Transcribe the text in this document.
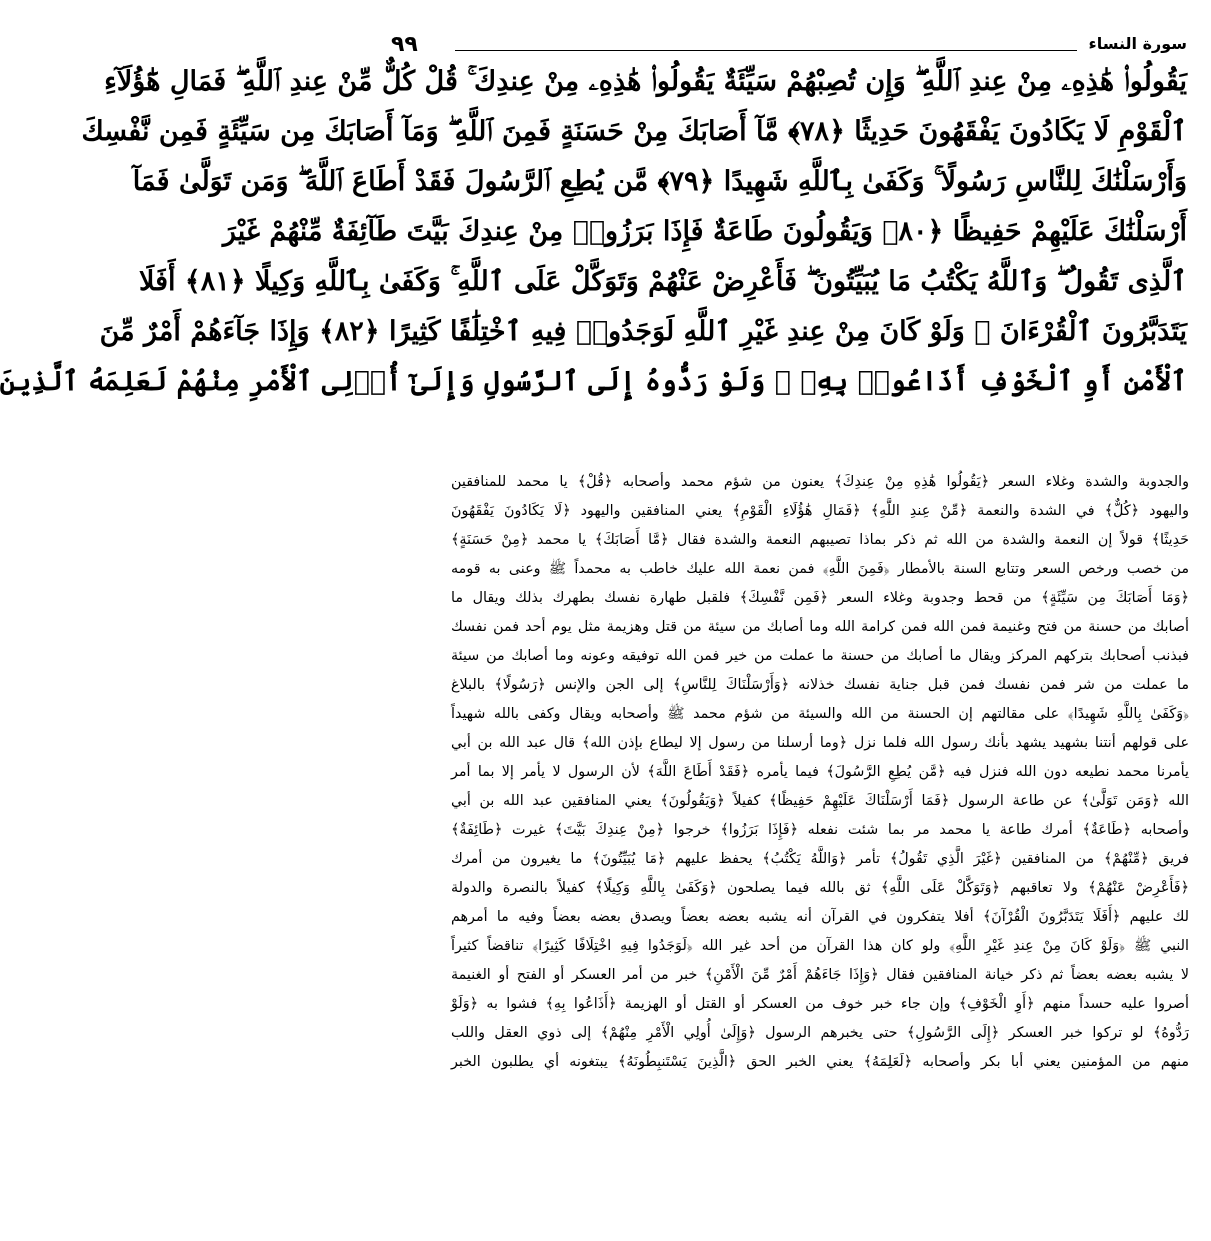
٩٩	سورة النساء
يَقُولُوا۟ هَٰذِهِۦ مِنْ عِندِ ٱللَّهِ ۖ وَإِن تُصِبْهُمْ سَيِّئَةٌ يَقُولُوا۟ هَٰذِهِۦ مِنْ عِندِكَ ۚ قُلْ كُلٌّ مِّنْ عِندِ ٱللَّهِ ۖ فَمَالِ هَٰٓؤُلَآءِ
ٱلْقَوْمِ لَا يَكَادُونَ يَفْقَهُونَ حَدِيثًا ﴿٧٨﴾ مَّآ أَصَابَكَ مِنْ حَسَنَةٍ فَمِنَ ٱللَّهِ ۖ وَمَآ أَصَابَكَ مِن سَيِّئَةٍ فَمِن نَّفْسِكَ
وَأَرْسَلْنَٰكَ لِلنَّاسِ رَسُولًا ۚ وَكَفَىٰ بِٱللَّهِ شَهِيدًا ﴿٧٩﴾ مَّن يُطِعِ ٱلرَّسُولَ فَقَدْ أَطَاعَ ٱللَّهَ ۖ وَمَن تَوَلَّىٰ فَمَآ
أَرْسَلْنَٰكَ عَلَيْهِمْ حَفِيظًا ﴿٨٠﴾ وَيَقُولُونَ طَاعَةٌ فَإِذَا بَرَزُوا۟ مِنْ عِندِكَ بَيَّتَ طَآئِفَةٌ مِّنْهُمْ غَيْرَ
ٱلَّذِى تَقُولُ ۖ وَٱللَّهُ يَكْتُبُ مَا يُبَيِّتُونَ ۖ فَأَعْرِضْ عَنْهُمْ وَتَوَكَّلْ عَلَى ٱللَّهِ ۚ وَكَفَىٰ بِٱللَّهِ وَكِيلًا ﴿٨١﴾ أَفَلَا
يَتَدَبَّرُونَ ٱلْقُرْءَانَ ۚ وَلَوْ كَانَ مِنْ عِندِ غَيْرِ ٱللَّهِ لَوَجَدُوا۟ فِيهِ ٱخْتِلَٰفًا كَثِيرًا ﴿٨٢﴾ وَإِذَا جَآءَهُمْ أَمْرٌ مِّنَ
ٱلْأَمْنِ أَوِ ٱلْخَوْفِ أَذَاعُوا۟ بِهِۦ ۖ وَلَوْ رَدُّوهُ إِلَى ٱلرَّسُولِ وَإِلَىٰٓ أُو۟لِى ٱلْأَمْرِ مِنْهُمْ لَعَلِمَهُ ٱلَّذِينَ
والجدوبة والشدة وغلاء السعر ﴿يَقُولُوا هَٰذِهِ مِنْ عِندِكَ﴾ يعنون من شؤم محمد وأصحابه ﴿قُلْ﴾ يا محمد للمنافقين
واليهود ﴿كُلٌّ﴾ في الشدة والنعمة ﴿مِّنْ عِندِ اللَّهِ﴾ ﴿فَمَالِ هَٰؤُلَاءِ الْقَوْمِ﴾ يعني المنافقين واليهود ﴿لَا يَكَادُونَ يَفْقَهُونَ
حَدِيثًا﴾ قولاً إن النعمة والشدة من الله ثم ذكر بماذا تصيبهم النعمة والشدة فقال ﴿مَّا أَصَابَكَ﴾ يا محمد ﴿مِنْ حَسَنَةٍ﴾
من خصب ورخص السعر وتتابع السنة بالأمطار ﴿فَمِنَ اللَّهِ﴾ فمن نعمة الله عليك خاطب به محمداً ﷺ وعنى به قومه
﴿وَمَا أَصَابَكَ مِن سَيِّئَةٍ﴾ من قحط وجدوبة وغلاء السعر ﴿فَمِن نَّفْسِكَ﴾ فلقبل طهارة نفسك بطهرك بذلك ويقال ما
أصابك من حسنة من فتح وغنيمة فمن الله فمن كرامة الله وما أصابك من سيئة من قتل وهزيمة مثل يوم أحد فمن نفسك
فبذنب أصحابك بتركهم المركز ويقال ما أصابك من حسنة ما عملت من خير فمن الله توفيقه وعونه وما أصابك من سيئة
ما عملت من شر فمن نفسك فمن قبل جناية نفسك خذلانه ﴿وَأَرْسَلْنَاكَ لِلنَّاسِ﴾ إلى الجن والإنس ﴿رَسُولًا﴾ بالبلاغ
﴿وَكَفَىٰ بِاللَّهِ شَهِيدًا﴾ على مقالتهم إن الحسنة من الله والسيئة من شؤم محمد ﷺ وأصحابه ويقال وكفى بالله شهيداً
على قولهم أنتنا بشهيد يشهد بأنك رسول الله فلما نزل ﴿وما أرسلنا من رسول إلا ليطاع بإذن الله﴾ قال عبد الله بن أبي
يأمرنا محمد نطيعه دون الله فنزل فيه ﴿مَّن يُطِعِ الرَّسُولَ﴾ فيما يأمره ﴿فَقَدْ أَطَاعَ اللَّهَ﴾ لأن الرسول لا يأمر إلا بما أمر
الله ﴿وَمَن تَوَلَّىٰ﴾ عن طاعة الرسول ﴿فَمَا أَرْسَلْنَاكَ عَلَيْهِمْ حَفِيظًا﴾ كفيلاً ﴿وَيَقُولُونَ﴾ يعني المنافقين عبد الله بن أبي
وأصحابه ﴿طَاعَةٌ﴾ أمرك طاعة يا محمد مر بما شئت نفعله ﴿فَإِذَا بَرَزُوا﴾ خرجوا ﴿مِنْ عِندِكَ بَيَّتَ﴾ غيرت ﴿طَائِفَةٌ﴾
فريق ﴿مِّنْهُمْ﴾ من المنافقين ﴿غَيْرَ الَّذِي تَقُولُ﴾ تأمر ﴿وَاللَّهُ يَكْتُبُ﴾ يحفظ عليهم ﴿مَا يُبَيِّتُونَ﴾ ما يغيرون من أمرك
﴿فَأَعْرِضْ عَنْهُمْ﴾ ولا تعاقبهم ﴿وَتَوَكَّلْ عَلَى اللَّهِ﴾ ثق بالله فيما يصلحون ﴿وَكَفَىٰ بِاللَّهِ وَكِيلًا﴾ كفيلاً بالنصرة والدولة
لك عليهم ﴿أَفَلَا يَتَدَبَّرُونَ الْقُرْآنَ﴾ أفلا يتفكرون في القرآن أنه يشبه بعضه بعضاً ويصدق بعضه بعضاً وفيه ما أمرهم
النبي ﷺ ﴿وَلَوْ كَانَ مِنْ عِندِ غَيْرِ اللَّهِ﴾ ولو كان هذا القرآن من أحد غير الله ﴿لَوَجَدُوا فِيهِ اخْتِلَافًا كَثِيرًا﴾ تناقضاً كثيراً
لا يشبه بعضه بعضاً ثم ذكر خيانة المنافقين فقال ﴿وَإِذَا جَاءَهُمْ أَمْرٌ مِّنَ الْأَمْنِ﴾ خبر من أمر العسكر أو الفتح أو الغنيمة
أصروا عليه حسداً منهم ﴿أَوِ الْخَوْفِ﴾ وإن جاء خبر خوف من العسكر أو القتل أو الهزيمة ﴿أَذَاعُوا بِهِ﴾ فشوا به ﴿وَلَوْ
رَدُّوهُ﴾ لو تركوا خبر العسكر ﴿إِلَى الرَّسُولِ﴾ حتى يخبرهم الرسول ﴿وَإِلَىٰ أُولِي الْأَمْرِ مِنْهُمْ﴾ إلى ذوي العقل واللب
منهم من المؤمنين يعني أبا بكر وأصحابه ﴿لَعَلِمَهُ﴾ يعني الخبر الحق ﴿الَّذِينَ يَسْتَنبِطُونَهُ﴾ يبتغونه أي يطلبون الخبر
